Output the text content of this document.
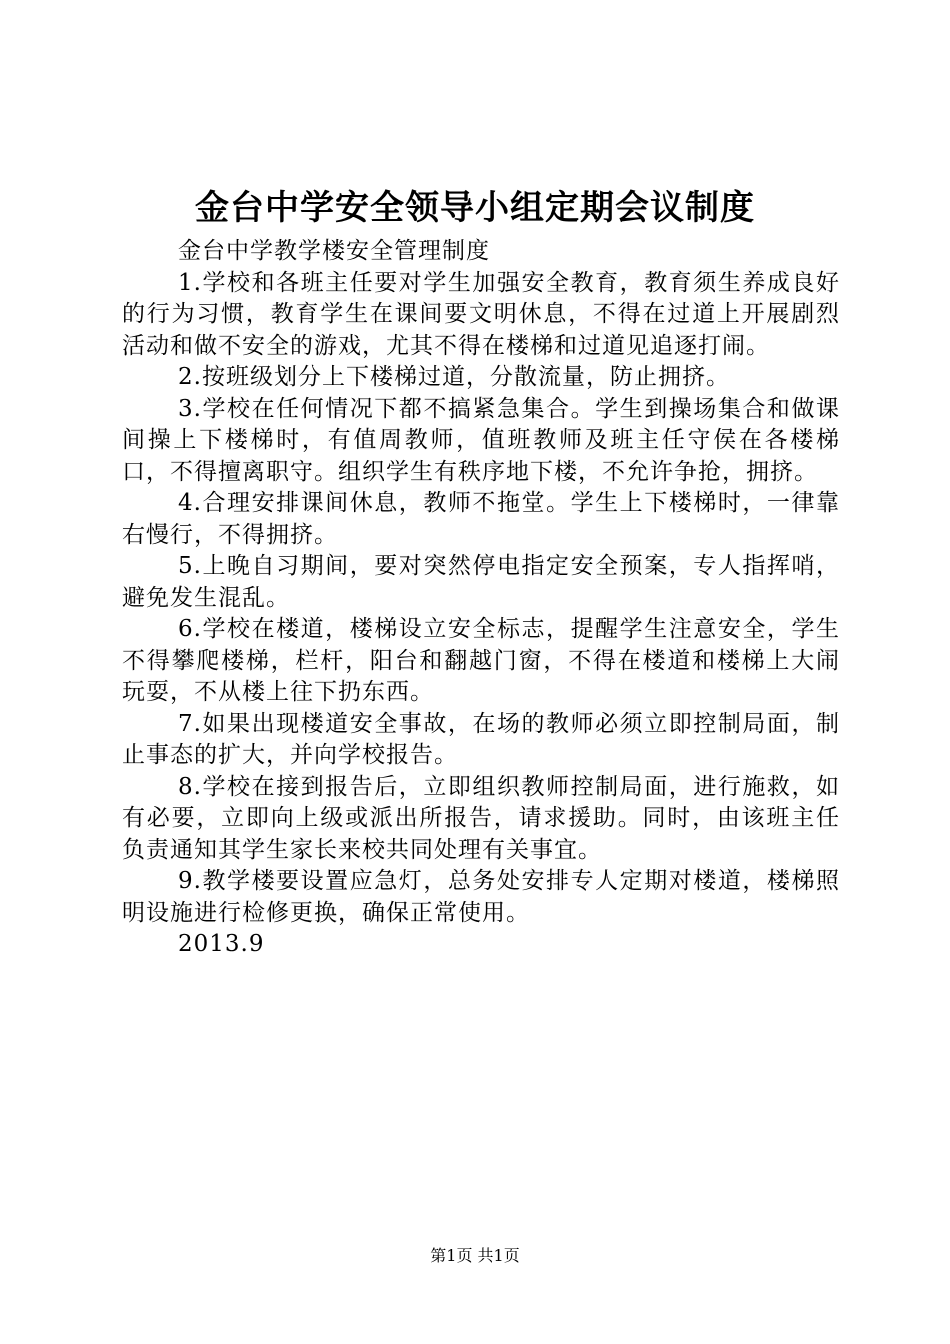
金台中学安全领导小组定期会议制度

金台中学教学楼安全管理制度

1.学校和各班主任要对学生加强安全教育，教育须生养成良好的行为习惯，教育学生在课间要文明休息，不得在过道上开展剧烈活动和做不安全的游戏，尤其不得在楼梯和过道见追逐打闹。

2.按班级划分上下楼梯过道，分散流量，防止拥挤。

3.学校在任何情况下都不搞紧急集合。学生到操场集合和做课间操上下楼梯时，有值周教师，值班教师及班主任守侯在各楼梯口，不得擅离职守。组织学生有秩序地下楼，不允许争抢，拥挤。

4.合理安排课间休息，教师不拖堂。学生上下楼梯时，一律靠右慢行，不得拥挤。

5.上晚自习期间，要对突然停电指定安全预案，专人指挥哨，避免发生混乱。

6.学校在楼道，楼梯设立安全标志，提醒学生注意安全，学生不得攀爬楼梯，栏杆，阳台和翻越门窗，不得在楼道和楼梯上大闹玩耍，不从楼上往下扔东西。

7.如果出现楼道安全事故，在场的教师必须立即控制局面，制止事态的扩大，并向学校报告。

8.学校在接到报告后，立即组织教师控制局面，进行施救，如有必要，立即向上级或派出所报告，请求援助。同时，由该班主任负责通知其学生家长来校共同处理有关事宜。

9.教学楼要设置应急灯，总务处安排专人定期对楼道，楼梯照明设施进行检修更换，确保正常使用。

2013.9

第1页 共1页
